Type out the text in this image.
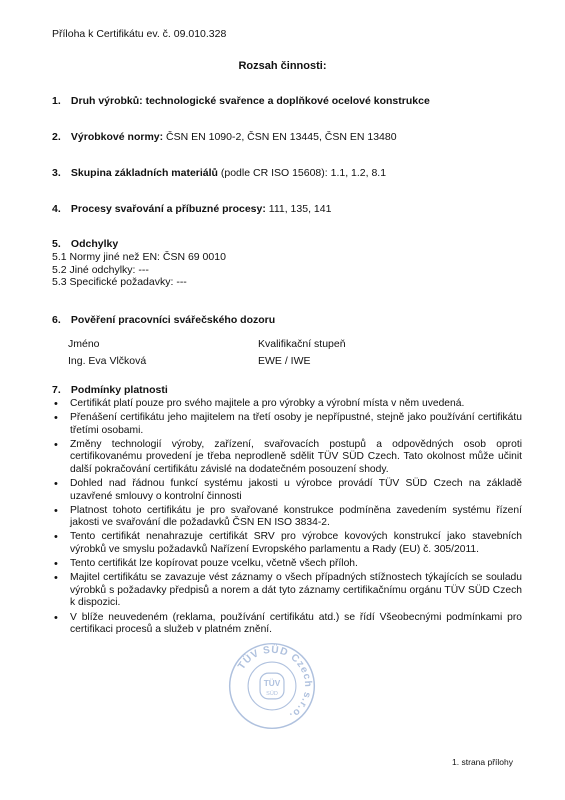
Příloha k Certifikátu ev. č. 09.010.328
Rozsah činnosti:
1. Druh výrobků: technologické svařence a doplňkové ocelové konstrukce
2. Výrobkové normy: ČSN EN 1090-2, ČSN EN 13445, ČSN EN 13480
3. Skupina základních materiálů (podle CR ISO 15608): 1.1, 1.2, 8.1
4. Procesy svařování a příbuzné procesy: 111, 135, 141
5. Odchylky
5.1 Normy jiné než EN: ČSN 69 0010
5.2 Jiné odchylky: ---
5.3 Specifické požadavky: ---
6. Pověření pracovníci svářečského dozoru
Jméno	Kvalifikační stupeň
Ing. Eva Vlčková	EWE / IWE
7. Podmínky platnosti
• Certifikát platí pouze pro svého majitele a pro výrobky a výrobní místa v něm uvedená.
• Přenášení certifikátu jeho majitelem na třetí osoby je nepřípustné, stejně jako používání certifikátu třetími osobami.
• Změny technologií výroby, zařízení, svařovacích postupů a odpovědných osob oproti certifikovanému provedení je třeba neprodleně sdělit TÜV SÜD Czech. Tato okolnost může učinit další pokračování certifikátu závislé na dodatečném posouzení shody.
• Dohled nad řádnou funkcí systému jakosti u výrobce provádí TÜV SÜD Czech na základě uzavřené smlouvy o kontrolní činnosti
• Platnost tohoto certifikátu je pro svařované konstrukce podmíněna zavedením systému řízení jakosti ve svařování dle požadavků ČSN EN ISO 3834-2.
• Tento certifikát nenahrazuje certifikát SRV pro výrobce kovových konstrukcí jako stavebních výrobků ve smyslu požadavků Nařízení Evropského parlamentu a Rady (EU) č. 305/2011.
• Tento certifikát lze kopírovat pouze vcelku, včetně všech příloh.
• Majitel certifikátu se zavazuje vést záznamy o všech případných stížnostech týkajících se souladu výrobků s požadavky předpisů a norem a dát tyto záznamy certifikačnímu orgánu TÜV SÜD Czech k dispozici.
• V blíže neuvedeném (reklama, používání certifikátu atd.) se řídí Všeobecnými podmínkami pro certifikaci procesů a služeb v platném znění.
TÜV SÜD Czech s.r.o.
TÜV
SÜD
1. strana přílohy
